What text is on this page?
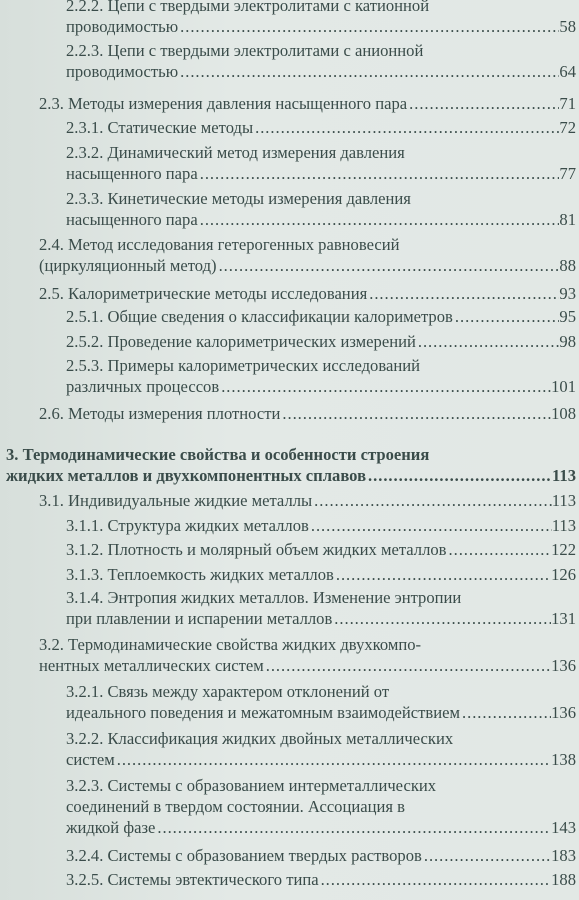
2.2.2. Цепи с твердыми электролитами с катионной
проводимостью . . .	58
2.2.3. Цепи с твердыми электролитами с анионной
проводимостью . . .	64
2.3. Методы измерения давления насыщенного пара . . .	71
2.3.1. Статические методы . . .	72
2.3.2. Динамический метод измерения давления
насыщенного пара . . .	77
2.3.3. Кинетические методы измерения давления
насыщенного пара . . .	81
2.4. Метод исследования гетерогенных равновесий
(циркуляционный метод) . . .	88
2.5. Калориметрические методы исследования . . .	93
2.5.1. Общие сведения о классификации калориметров . . .	95
2.5.2. Проведение калориметрических измерений . . .	98
2.5.3. Примеры калориметрических исследований
различных процессов . . .	101
2.6. Методы измерения плотности . . .	108
3. Термодинамические свойства и особенности строения
жидких металлов и двухкомпонентных сплавов . . .	113
3.1. Индивидуальные жидкие металлы . . .	113
3.1.1. Структура жидких металлов . . .	113
3.1.2. Плотность и молярный объем жидких металлов . . .	122
3.1.3. Теплоемкость жидких металлов . . .	126
3.1.4. Энтропия жидких металлов. Изменение энтропии
при плавлении и испарении металлов . . .	131
3.2. Термодинамические свойства жидких двухкомпо-
нентных металлических систем . . .	136
3.2.1. Связь между характером отклонений от
идеального поведения и межатомным взаимодействием . . .	136
3.2.2. Классификация жидких двойных металлических
систем . . .	138
3.2.3. Системы с образованием интерметаллических
соединений в твердом состоянии. Ассоциация в
жидкой фазе . . .	143
3.2.4. Системы с образованием твердых растворов . . .	183
3.2.5. Системы эвтектического типа . . .	188
